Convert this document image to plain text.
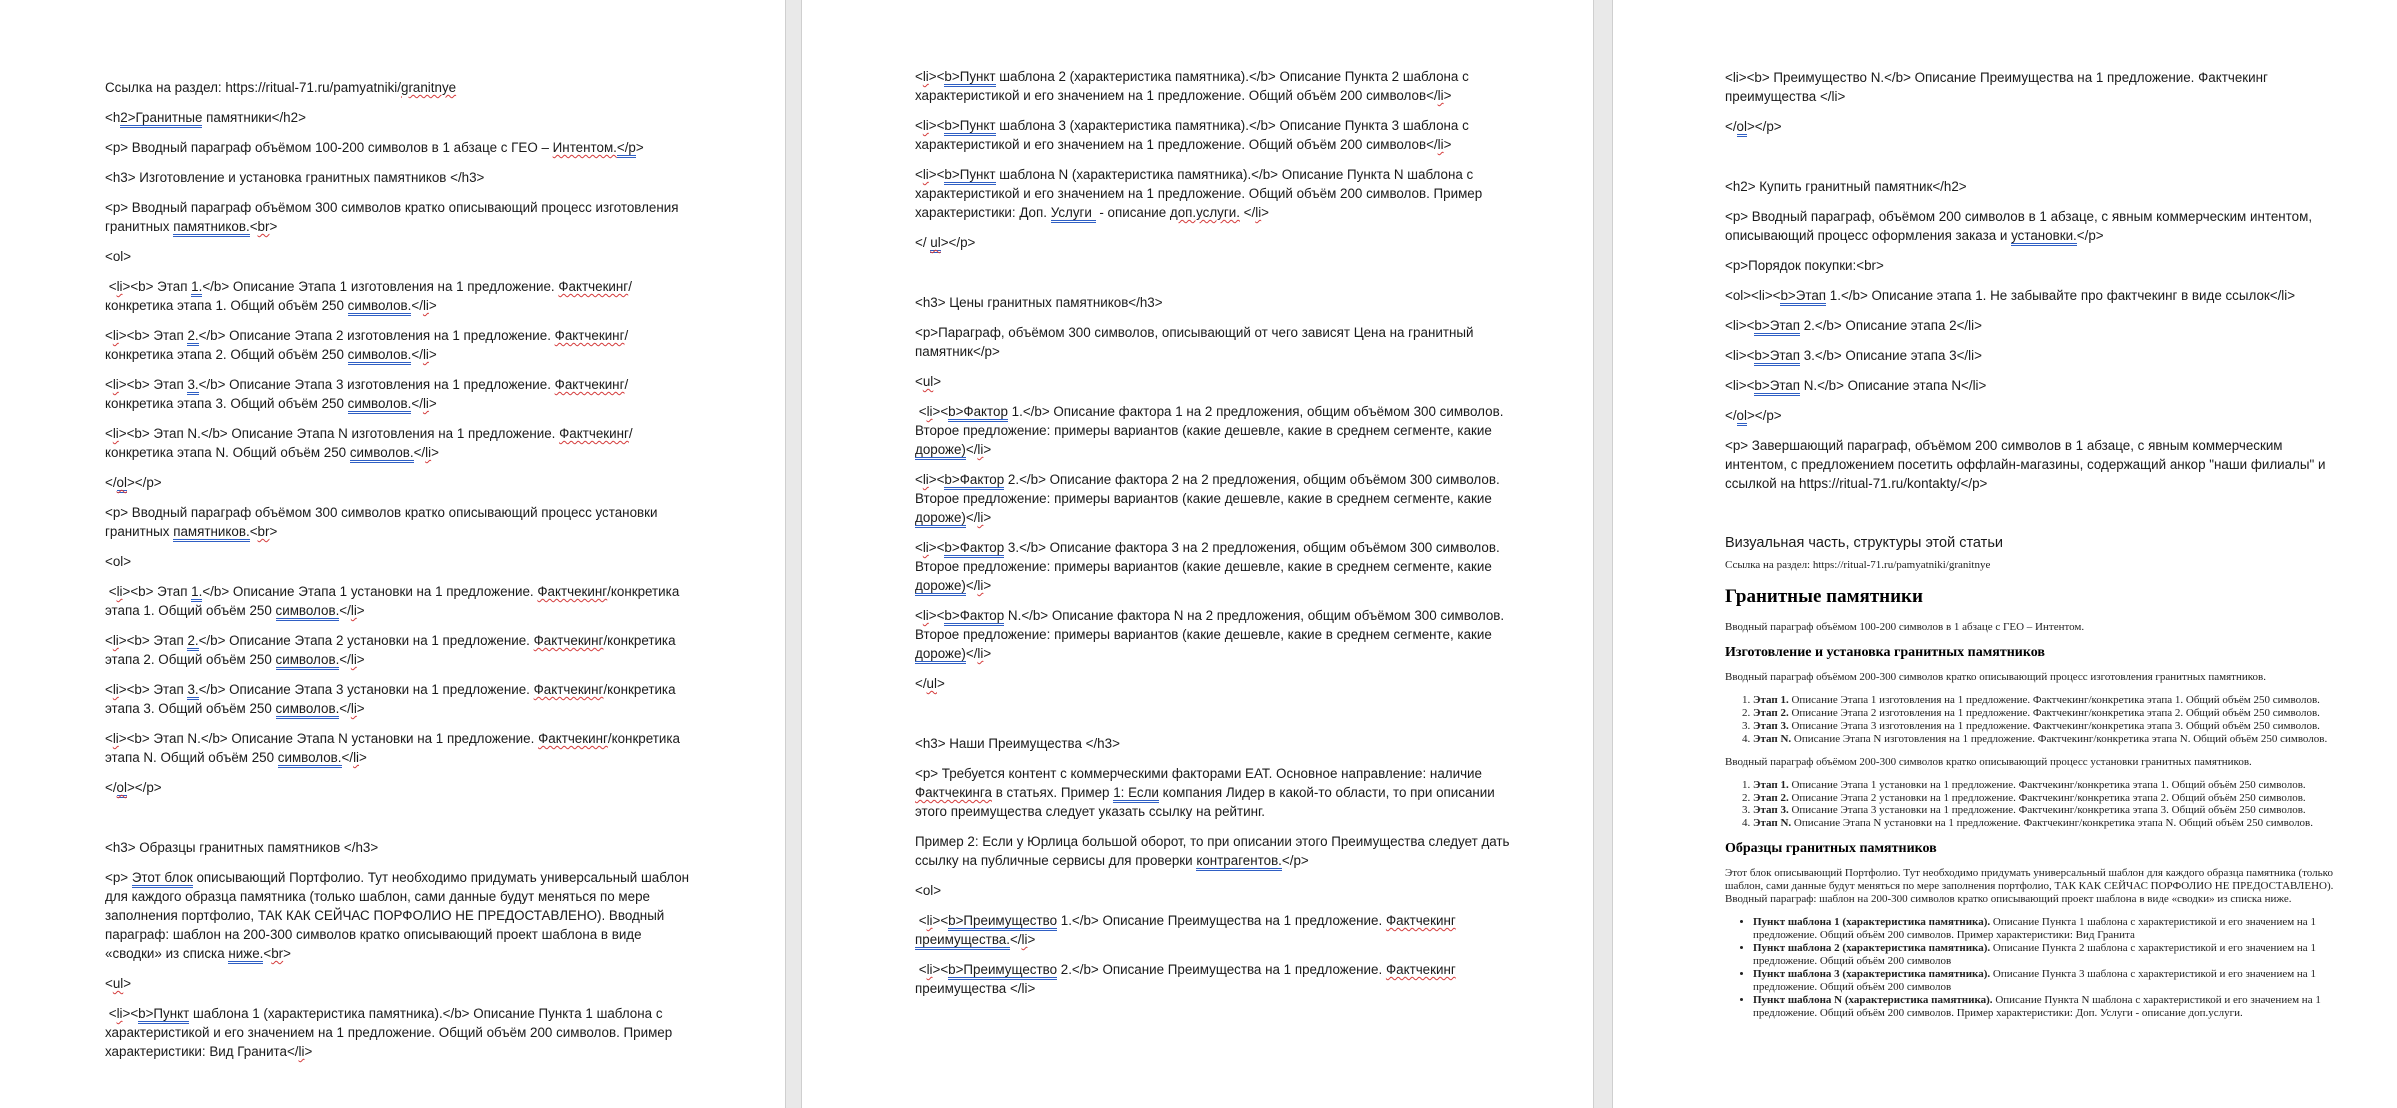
Ссылка на раздел: https://ritual-71.ru/pamyatniki/granitnye
<h2>Гранитные памятники</h2>
<p> Вводный параграф объёмом 100-200 символов в 1 абзаце с ГЕО – Интентом.</p>
<h3> Изготовление и установка гранитных памятников </h3>
<p> Вводный параграф объёмом 300 символов кратко описывающий процесс изготовления гранитных памятников.<br>
<ol>
<li><b> Этап 1.</b> Описание Этапа 1 изготовления на 1 предложение. Фактчекинг/конкретика этапа 1. Общий объём 250 символов.</li>
<li><b> Этап 2.</b> Описание Этапа 2 изготовления на 1 предложение. Фактчекинг/конкретика этапа 2. Общий объём 250 символов.</li>
<li><b> Этап 3.</b> Описание Этапа 3 изготовления на 1 предложение. Фактчекинг/конкретика этапа 3. Общий объём 250 символов.</li>
<li><b> Этап N.</b> Описание Этапа N изготовления на 1 предложение. Фактчекинг/конкретика этапа N. Общий объём 250 символов.</li>
</ol></p>
<p> Вводный параграф объёмом 300 символов кратко описывающий процесс установки гранитных памятников.<br>
<ol>
<li><b> Этап 1.</b> Описание Этапа 1 установки на 1 предложение. Фактчекинг/конкретика этапа 1. Общий объём 250 символов.</li>
<li><b> Этап 2.</b> Описание Этапа 2 установки на 1 предложение. Фактчекинг/конкретика этапа 2. Общий объём 250 символов.</li>
<li><b> Этап 3.</b> Описание Этапа 3 установки на 1 предложение. Фактчекинг/конкретика этапа 3. Общий объём 250 символов.</li>
<li><b> Этап N.</b> Описание Этапа N установки на 1 предложение. Фактчекинг/конкретика этапа N. Общий объём 250 символов.</li>
</ol></p>
<h3> Образцы гранитных памятников </h3>
<p> Этот блок описывающий Портфолио. Тут необходимо придумать универсальный шаблон для каждого образца памятника (только шаблон, сами данные будут меняться по мере заполнения портфолио, ТАК КАК СЕЙЧАС ПОРФОЛИО НЕ ПРЕДОСТАВЛЕНО). Вводный параграф: шаблон на 200-300 символов кратко описывающий проект шаблона в виде «сводки» из списка ниже.<br>
<ul>
<li><b>Пункт шаблона 1 (характеристика памятника).</b> Описание Пункта 1 шаблона с характеристикой и его значением на 1 предложение. Общий объём 200 символов. Пример характеристики: Вид Гранита</li>
<li><b>Пункт шаблона 2 (характеристика памятника).</b> Описание Пункта 2 шаблона с характеристикой и его значением на 1 предложение. Общий объём 200 символов</li>
<li><b>Пункт шаблона 3 (характеристика памятника).</b> Описание Пункта 3 шаблона с характеристикой и его значением на 1 предложение. Общий объём 200 символов</li>
<li><b>Пункт шаблона N (характеристика памятника).</b> Описание Пункта N шаблона с характеристикой и его значением на 1 предложение. Общий объём 200 символов. Пример характеристики: Доп. Услуги  - описание доп.услуги. </li>
</ ul></p>
<h3> Цены гранитных памятников</h3>
<p>Параграф, объёмом 300 символов, описывающий от чего зависят Цена на гранитный памятник</p>
<ul>
<li><b>Фактор 1.</b> Описание фактора 1 на 2 предложения, общим объёмом 300 символов. Второе предложение: примеры вариантов (какие дешевле, какие в среднем сегменте, какие дороже)</li>
<li><b>Фактор 2.</b> Описание фактора 2 на 2 предложения, общим объёмом 300 символов. Второе предложение: примеры вариантов (какие дешевле, какие в среднем сегменте, какие дороже)</li>
<li><b>Фактор 3.</b> Описание фактора 3 на 2 предложения, общим объёмом 300 символов. Второе предложение: примеры вариантов (какие дешевле, какие в среднем сегменте, какие дороже)</li>
<li><b>Фактор N.</b> Описание фактора N на 2 предложения, общим объёмом 300 символов. Второе предложение: примеры вариантов (какие дешевле, какие в среднем сегменте, какие дороже)</li>
</ul>
<h3> Наши Преимущества </h3>
<p> Требуется контент с коммерческими факторами EAT. Основное направление: наличие Фактчекинга в статьях. Пример 1: Если компания Лидер в какой-то области, то при описании этого преимущества следует указать ссылку на рейтинг.
Пример 2: Если у Юрлица большой оборот, то при описании этого Преимущества следует дать ссылку на публичные сервисы для проверки контрагентов.</p>
<ol>
<li><b>Преимущество 1.</b> Описание Преимущества на 1 предложение. Фактчекинг преимущества.</li>
<li><b>Преимущество 2.</b> Описание Преимущества на 1 предложение. Фактчекинг преимущества </li>
<li><b> Преимущество N.</b> Описание Преимущества на 1 предложение. Фактчекинг преимущества </li>
</ol></p>
<h2> Купить гранитный памятник</h2>
<p> Вводный параграф, объёмом 200 символов в 1 абзаце, с явным коммерческим интентом, описывающий процесс оформления заказа и установки.</p>
<p>Порядок покупки:<br>
<ol><li><b>Этап 1.</b> Описание этапа 1. Не забывайте про фактчекинг в виде ссылок</li>
<li><b>Этап 2.</b> Описание этапа 2</li>
<li><b>Этап 3.</b> Описание этапа 3</li>
<li><b>Этап N.</b> Описание этапа N</li>
</ol></p>
<p> Завершающий параграф, объёмом 200 символов в 1 абзаце, с явным коммерческим интентом, с предложением посетить оффлайн-магазины, содержащий анкор "наши филиалы" и ссылкой на https://ritual-71.ru/kontakty/</p>
Визуальная часть, структуры этой статьи
Ссылка на раздел: https://ritual-71.ru/pamyatniki/granitnye
Гранитные памятники
Вводный параграф объёмом 100-200 символов в 1 абзаце с ГЕО – Интентом.
Изготовление и установка гранитных памятников
Вводный параграф объёмом 200-300 символов кратко описывающий процесс изготовления гранитных памятников.
1. Этап 1. Описание Этапа 1 изготовления на 1 предложение. Фактчекинг/конкретика этапа 1. Общий объём 250 символов.
2. Этап 2. Описание Этапа 2 изготовления на 1 предложение. Фактчекинг/конкретика этапа 2. Общий объём 250 символов.
3. Этап 3. Описание Этапа 3 изготовления на 1 предложение. Фактчекинг/конкретика этапа 3. Общий объём 250 символов.
4. Этап N. Описание Этапа N изготовления на 1 предложение. Фактчекинг/конкретика этапа N. Общий объём 250 символов.
Вводный параграф объёмом 200-300 символов кратко описывающий процесс установки гранитных памятников.
1. Этап 1. Описание Этапа 1 установки на 1 предложение. Фактчекинг/конкретика этапа 1. Общий объём 250 символов.
2. Этап 2. Описание Этапа 2 установки на 1 предложение. Фактчекинг/конкретика этапа 2. Общий объём 250 символов.
3. Этап 3. Описание Этапа 3 установки на 1 предложение. Фактчекинг/конкретика этапа 3. Общий объём 250 символов.
4. Этап N. Описание Этапа N установки на 1 предложение. Фактчекинг/конкретика этапа N. Общий объём 250 символов.
Образцы гранитных памятников
Этот блок описывающий Портфолио. Тут необходимо придумать универсальный шаблон для каждого образца памятника (только шаблон, сами данные будут меняться по мере заполнения портфолио, ТАК КАК СЕЙЧАС ПОРФОЛИО НЕ ПРЕДОСТАВЛЕНО). Вводный параграф: шаблон на 200-300 символов кратко описывающий проект шаблона в виде «сводки» из списка ниже.
• Пункт шаблона 1 (характеристика памятника). Описание Пункта 1 шаблона с характеристикой и его значением на 1 предложение. Общий объём 200 символов. Пример характеристики: Вид Гранита
• Пункт шаблона 2 (характеристика памятника). Описание Пункта 2 шаблона с характеристикой и его значением на 1 предложение. Общий объём 200 символов
• Пункт шаблона 3 (характеристика памятника). Описание Пункта 3 шаблона с характеристикой и его значением на 1 предложение. Общий объём 200 символов
• Пункт шаблона N (характеристика памятника). Описание Пункта N шаблона с характеристикой и его значением на 1 предложение. Общий объём 200 символов. Пример характеристики: Доп. Услуги - описание доп.услуги.
